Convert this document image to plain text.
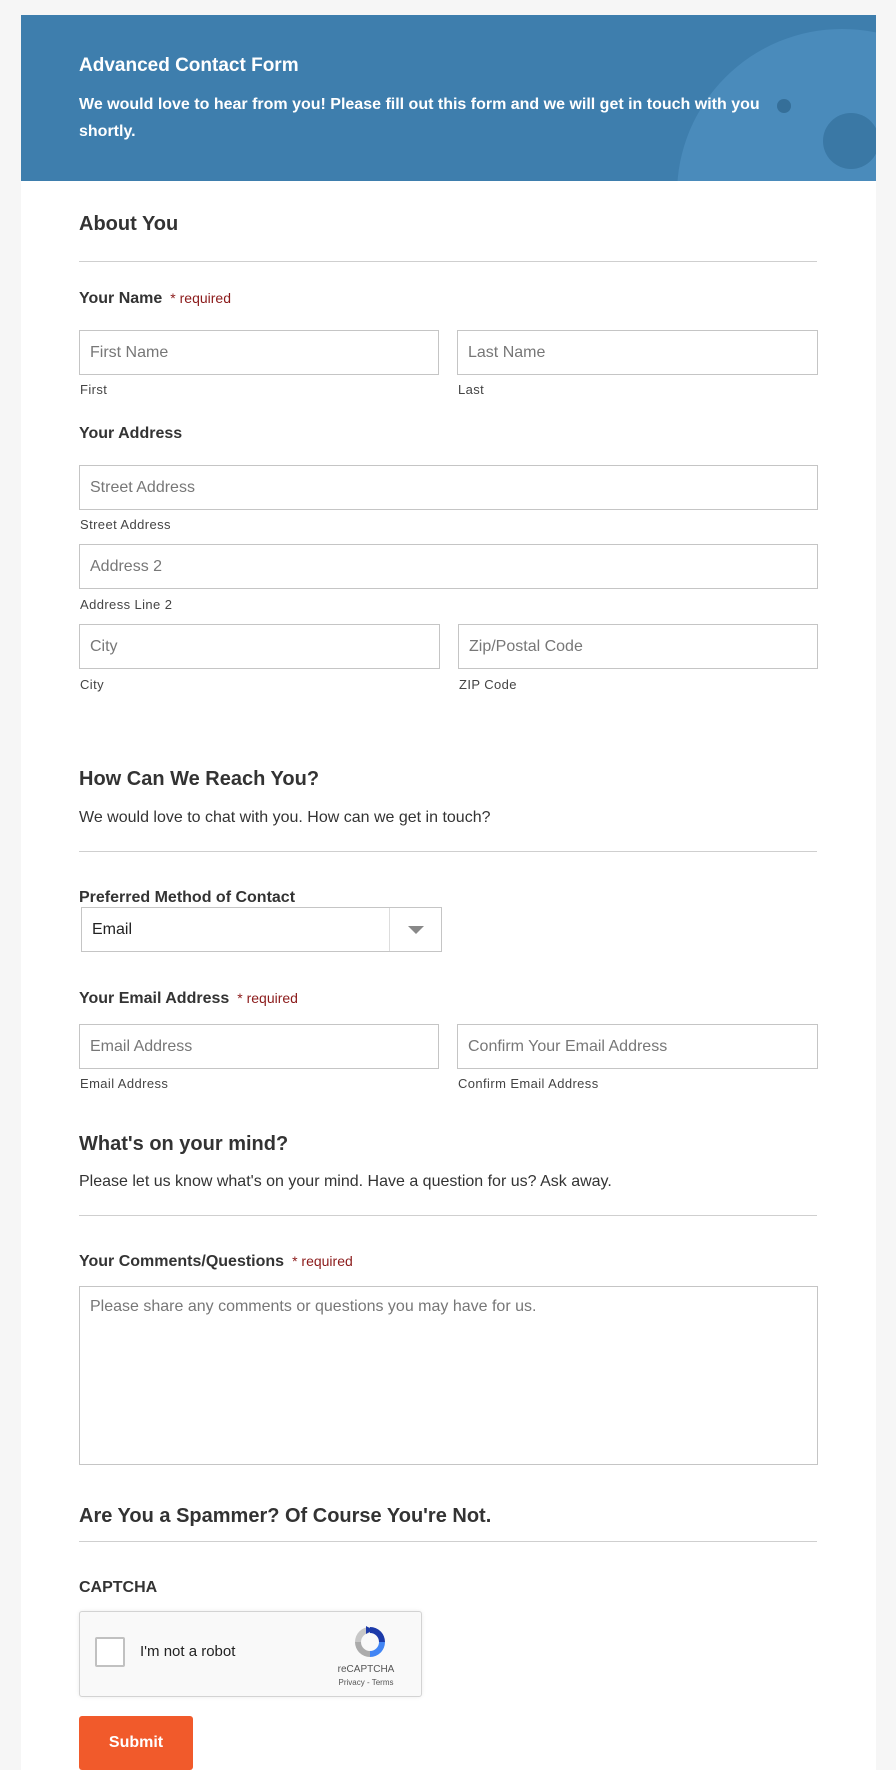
Advanced Contact Form

We would love to hear from you! Please fill out this form and we will get in touch with you shortly.

About You
Your Name * required
First Name
First
Last Name
Last
Your Address
Street Address
Street Address
Address 2
Address Line 2
City
City
Zip/Postal Code
ZIP Code
How Can We Reach You?
We would love to chat with you. How can we get in touch?
Preferred Method of Contact
Email
Your Email Address * required
Email Address
Email Address
Confirm Your Email Address
Confirm Email Address
What's on your mind?
Please let us know what's on your mind. Have a question for us? Ask away.
Your Comments/Questions * required
Please share any comments or questions you may have for us.
Are You a Spammer? Of Course You're Not.
CAPTCHA
I'm not a robot
reCAPTCHA
Privacy - Terms
Submit
